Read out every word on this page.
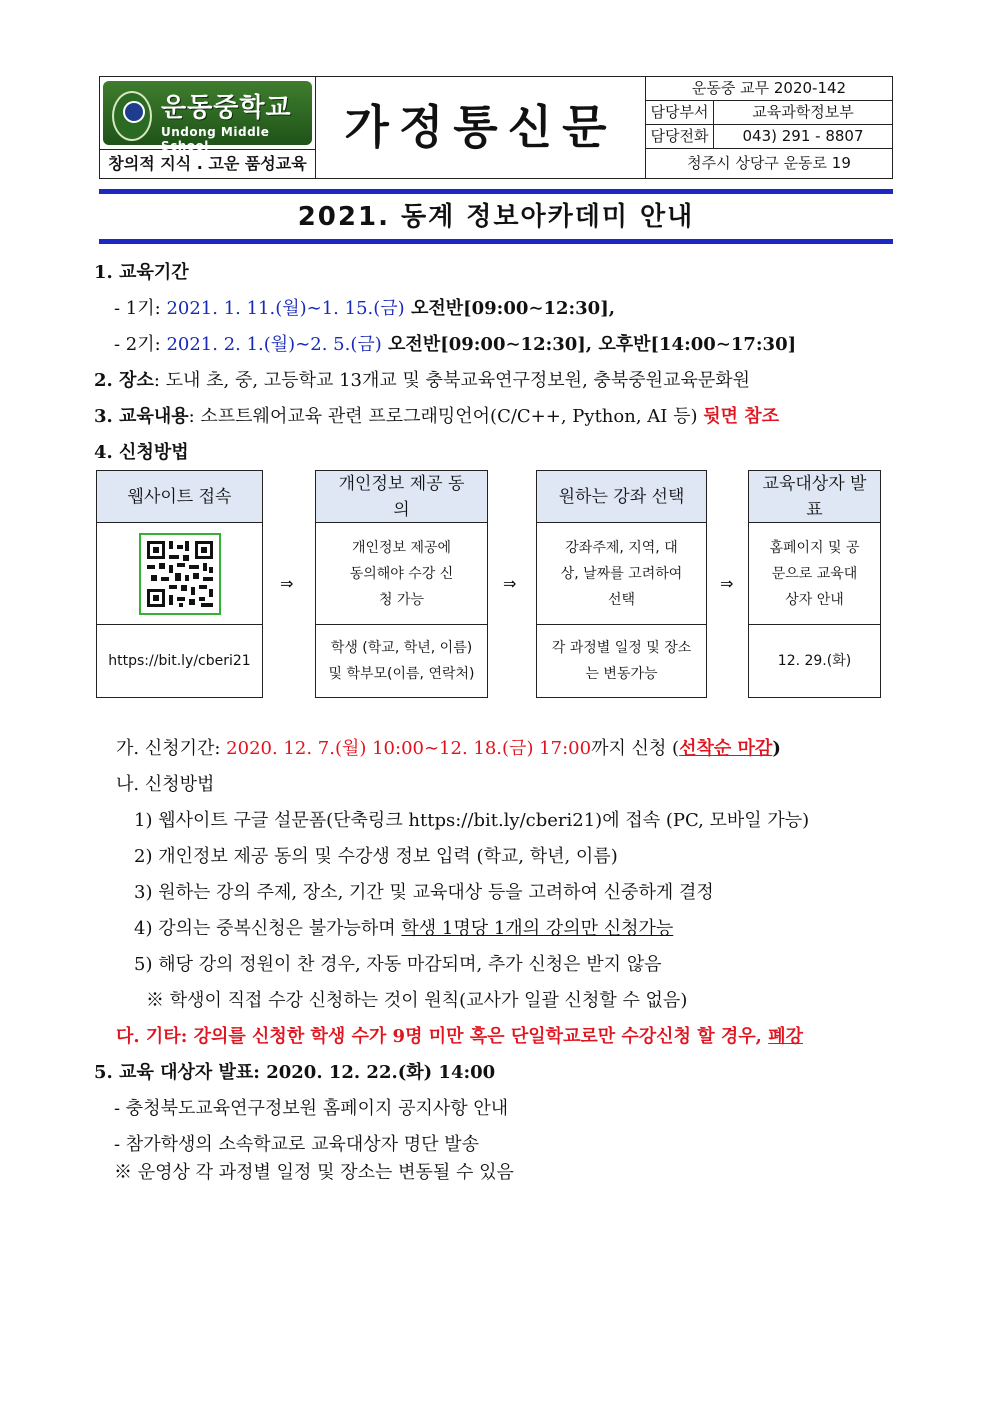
운동중학교
Undong Middle School
창의적 지식 . 고운 품성교육
가정통신문
운동중 교무 2020-142
담당부서	교육과학정보부
담당전화	043) 291 - 8807
청주시 상당구 운동로 19
2021. 동계 정보아카데미 안내
1. 교육기간
- 1기: 2021. 1. 11.(월)∼1. 15.(금) 오전반[09:00∼12:30],
- 2기: 2021. 2. 1.(월)∼2. 5.(금) 오전반[09:00∼12:30], 오후반[14:00∼17:30]
2. 장소: 도내 초, 중, 고등학교 13개교 및 충북교육연구정보원, 충북중원교육문화원
3. 교육내용: 소프트웨어교육 관련 프로그래밍언어(C/C++, Python, AI 등) 뒷면 참조
4. 신청방법
웹사이트 접속
https://bit.ly/cberi21
⇒
개인정보 제공 동의
개인정보 제공에 동의해야 수강 신청 가능
학생 (학교, 학년, 이름) 및 학부모(이름, 연락처)
⇒
원하는 강좌 선택
강좌주제, 지역, 대상, 날짜를 고려하여 선택
각 과정별 일정 및 장소는 변동가능
⇒
교육대상자 발표
홈페이지 및 공문으로 교육대상자 안내
12. 29.(화)
가. 신청기간: 2020. 12. 7.(월) 10:00∼12. 18.(금) 17:00까지 신청 (선착순 마감)
나. 신청방법
1) 웹사이트 구글 설문폼(단축링크 https://bit.ly/cberi21)에 접속 (PC, 모바일 가능)
2) 개인정보 제공 동의 및 수강생 정보 입력 (학교, 학년, 이름)
3) 원하는 강의 주제, 장소, 기간 및 교육대상 등을 고려하여 신중하게 결정
4) 강의는 중복신청은 불가능하며 학생 1명당 1개의 강의만 신청가능
5) 해당 강의 정원이 찬 경우, 자동 마감되며, 추가 신청은 받지 않음
※ 학생이 직접 수강 신청하는 것이 원칙(교사가 일괄 신청할 수 없음)
다. 기타: 강의를 신청한 학생 수가 9명 미만 혹은 단일학교로만 수강신청 할 경우, 폐강
5. 교육 대상자 발표: 2020. 12. 22.(화) 14:00
- 충청북도교육연구정보원 홈페이지 공지사항 안내
- 참가학생의 소속학교로 교육대상자 명단 발송
※ 운영상 각 과정별 일정 및 장소는 변동될 수 있음
